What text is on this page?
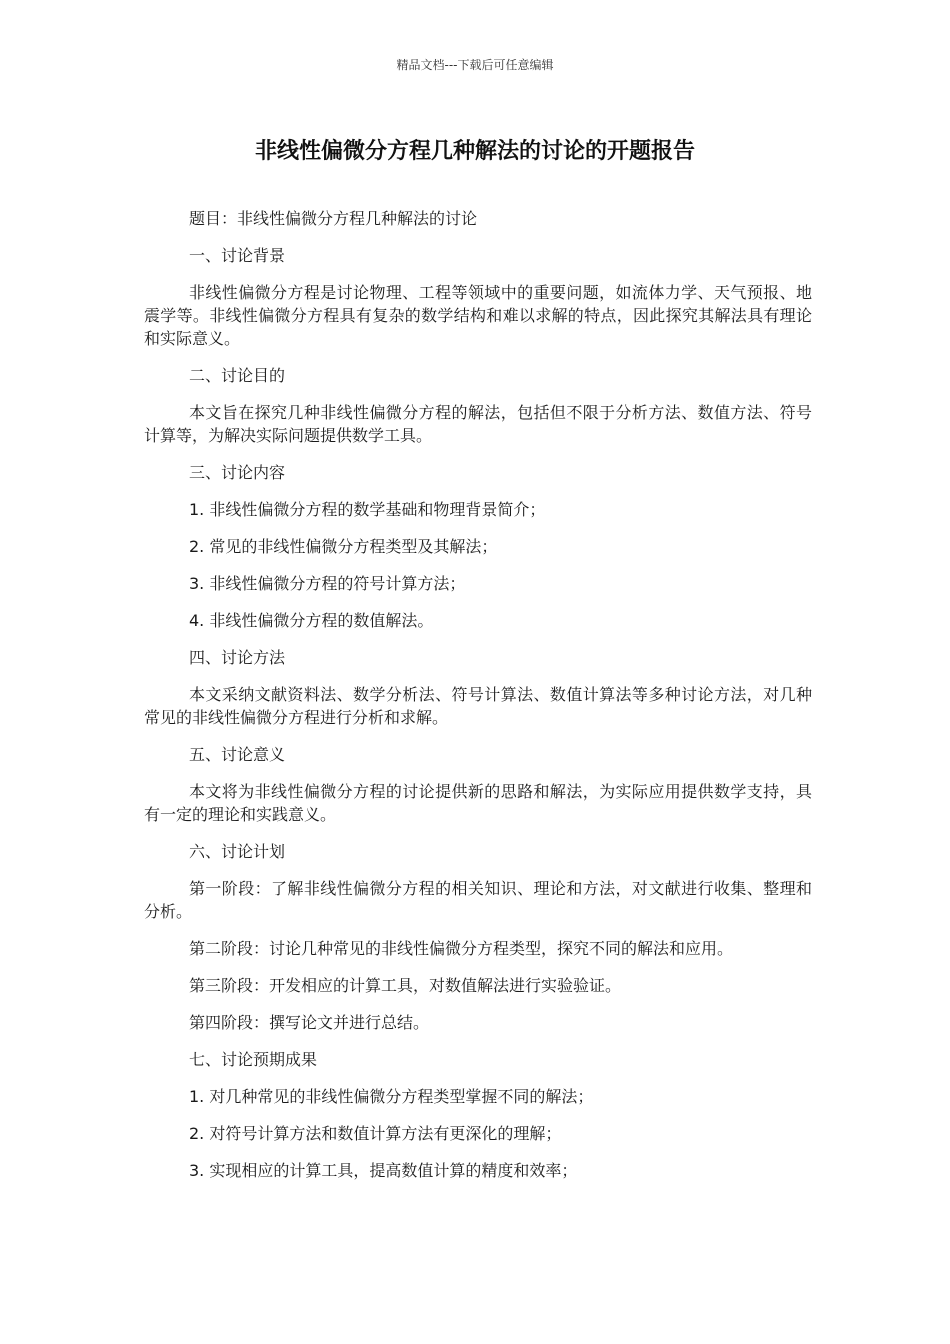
精品文档---下载后可任意编辑
非线性偏微分方程几种解法的讨论的开题报告

题目：非线性偏微分方程几种解法的讨论

一、讨论背景

非线性偏微分方程是讨论物理、工程等领域中的重要问题，如流体力学、天气预报、地震学等。非线性偏微分方程具有复杂的数学结构和难以求解的特点，因此探究其解法具有理论和实际意义。

二、讨论目的

本文旨在探究几种非线性偏微分方程的解法，包括但不限于分析方法、数值方法、符号计算等，为解决实际问题提供数学工具。

三、讨论内容

1. 非线性偏微分方程的数学基础和物理背景简介；

2. 常见的非线性偏微分方程类型及其解法；

3. 非线性偏微分方程的符号计算方法；

4. 非线性偏微分方程的数值解法。

四、讨论方法

本文采纳文献资料法、数学分析法、符号计算法、数值计算法等多种讨论方法，对几种常见的非线性偏微分方程进行分析和求解。

五、讨论意义

本文将为非线性偏微分方程的讨论提供新的思路和解法，为实际应用提供数学支持，具有一定的理论和实践意义。

六、讨论计划

第一阶段：了解非线性偏微分方程的相关知识、理论和方法，对文献进行收集、整理和分析。

第二阶段：讨论几种常见的非线性偏微分方程类型，探究不同的解法和应用。

第三阶段：开发相应的计算工具，对数值解法进行实验验证。

第四阶段：撰写论文并进行总结。

七、讨论预期成果

1. 对几种常见的非线性偏微分方程类型掌握不同的解法；

2. 对符号计算方法和数值计算方法有更深化的理解；

3. 实现相应的计算工具，提高数值计算的精度和效率；
